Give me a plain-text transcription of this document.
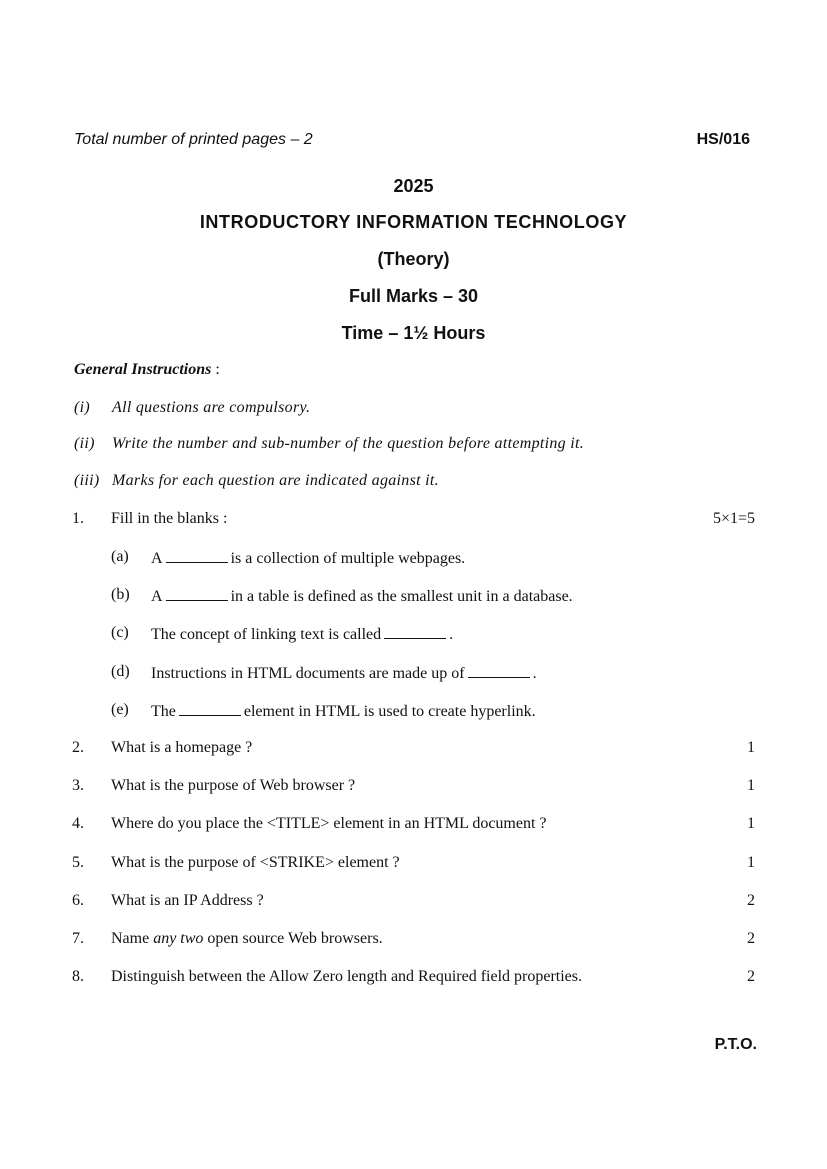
Total number of printed pages – 2	HS/016
2025
INTRODUCTORY INFORMATION TECHNOLOGY
(Theory)
Full Marks – 30
Time – 1½ Hours
General Instructions :
(i) All questions are compulsory.
(ii) Write the number and sub-number of the question before attempting it.
(iii) Marks for each question are indicated against it.
1.	Fill in the blanks :	5×1=5
(a)	A	is a collection of multiple webpages.
(b)	A	in a table is defined as the smallest unit in a database.
(c)	The concept of linking text is called	.
(d)	Instructions in HTML documents are made up of	.
(e)	The	element in HTML is used to create hyperlink.
2.	What is a homepage ?	1
3.	What is the purpose of Web browser ?	1
4.	Where do you place the <TITLE> element in an HTML document ?	1
5.	What is the purpose of <STRIKE> element ?	1
6.	What is an IP Address ?	2
7.	Name any two open source Web browsers.	2
8.	Distinguish between the Allow Zero length and Required field properties.	2
P.T.O.
